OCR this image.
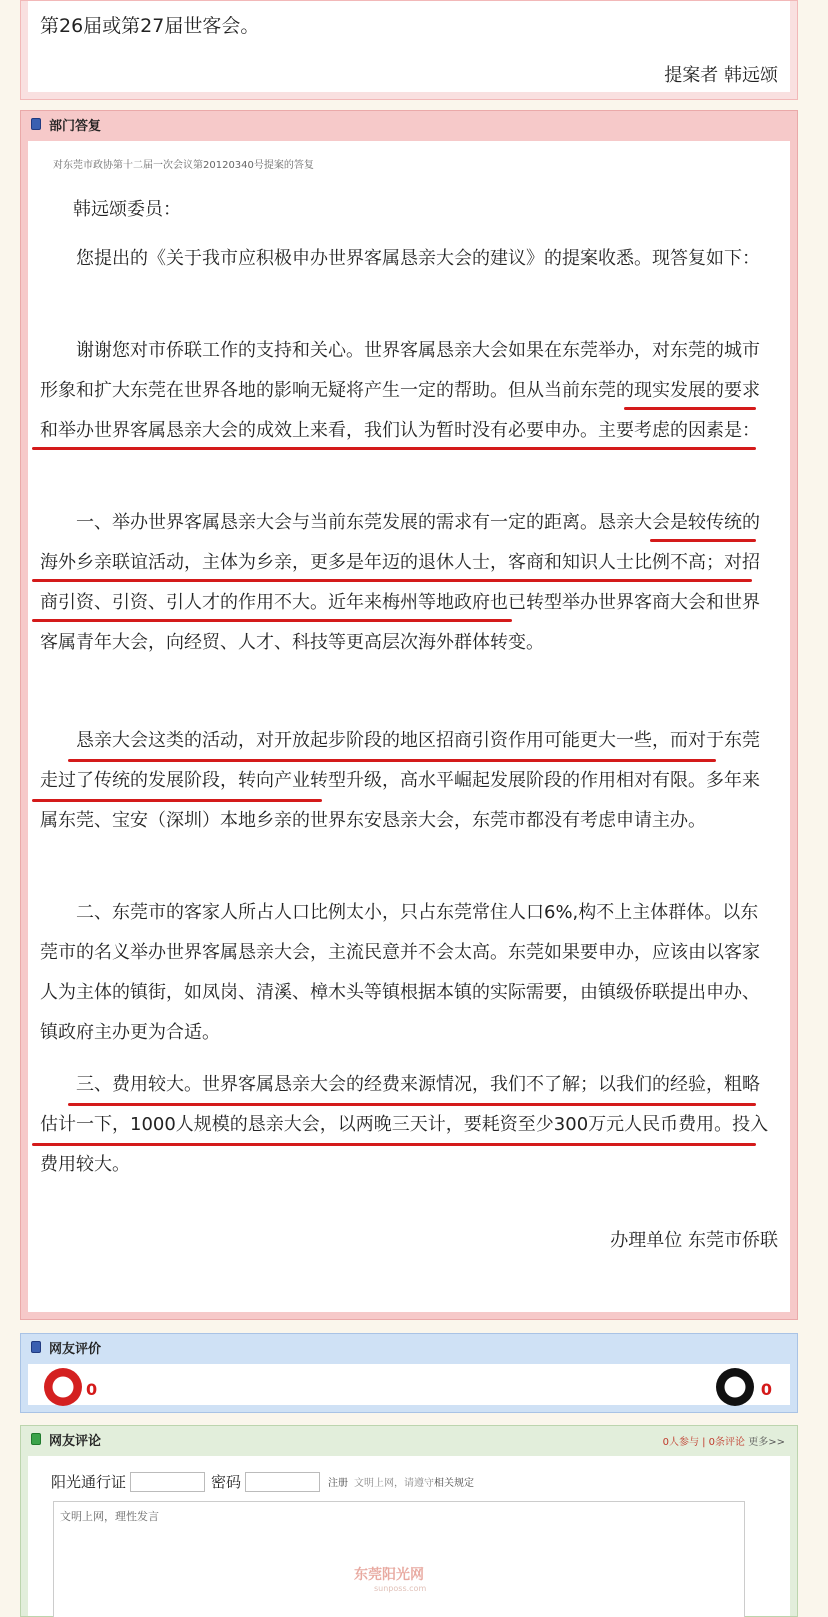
第26届或第27届世客会。
提案者 韩远颂
部门答复
对东莞市政协第十二届一次会议第20120340号提案的答复
韩远颂委员：
您提出的《关于我市应积极申办世界客属恳亲大会的建议》的提案收悉。现答复如下：
谢谢您对市侨联工作的支持和关心。世界客属恳亲大会如果在东莞举办，对东莞的城市形象和扩大东莞在世界各地的影响无疑将产生一定的帮助。但从当前东莞的现实发展的要求和举办世界客属恳亲大会的成效上来看，我们认为暂时没有必要申办。主要考虑的因素是：
一、举办世界客属恳亲大会与当前东莞发展的需求有一定的距离。恳亲大会是较传统的海外乡亲联谊活动，主体为乡亲，更多是年迈的退休人士，客商和知识人士比例不高；对招商引资、引资、引人才的作用不大。近年来梅州等地政府也已转型举办世界客商大会和世界客属青年大会，向经贸、人才、科技等更高层次海外群体转变。
恳亲大会这类的活动，对开放起步阶段的地区招商引资作用可能更大一些，而对于东莞走过了传统的发展阶段，转向产业转型升级，高水平崛起发展阶段的作用相对有限。多年来属东莞、宝安（深圳）本地乡亲的世界东安恳亲大会，东莞市都没有考虑申请主办。
二、东莞市的客家人所占人口比例太小，只占东莞常住人口6%,构不上主体群体。以东莞市的名义举办世界客属恳亲大会，主流民意并不会太高。东莞如果要申办，应该由以客家人为主体的镇街，如凤岗、清溪、樟木头等镇根据本镇的实际需要，由镇级侨联提出申办、镇政府主办更为合适。
三、费用较大。世界客属恳亲大会的经费来源情况，我们不了解；以我们的经验，粗略估计一下，1000人规模的恳亲大会，以两晚三天计，要耗资至少300万元人民币费用。投入费用较大。
办理单位 东莞市侨联
网友评价
0	0
网友评论	0人参与 | 0条评论 更多>>
阳光通行证	密码	注册 文明上网，请遵守相关规定
文明上网，理性发言
东莞阳光网
sunposs.com
